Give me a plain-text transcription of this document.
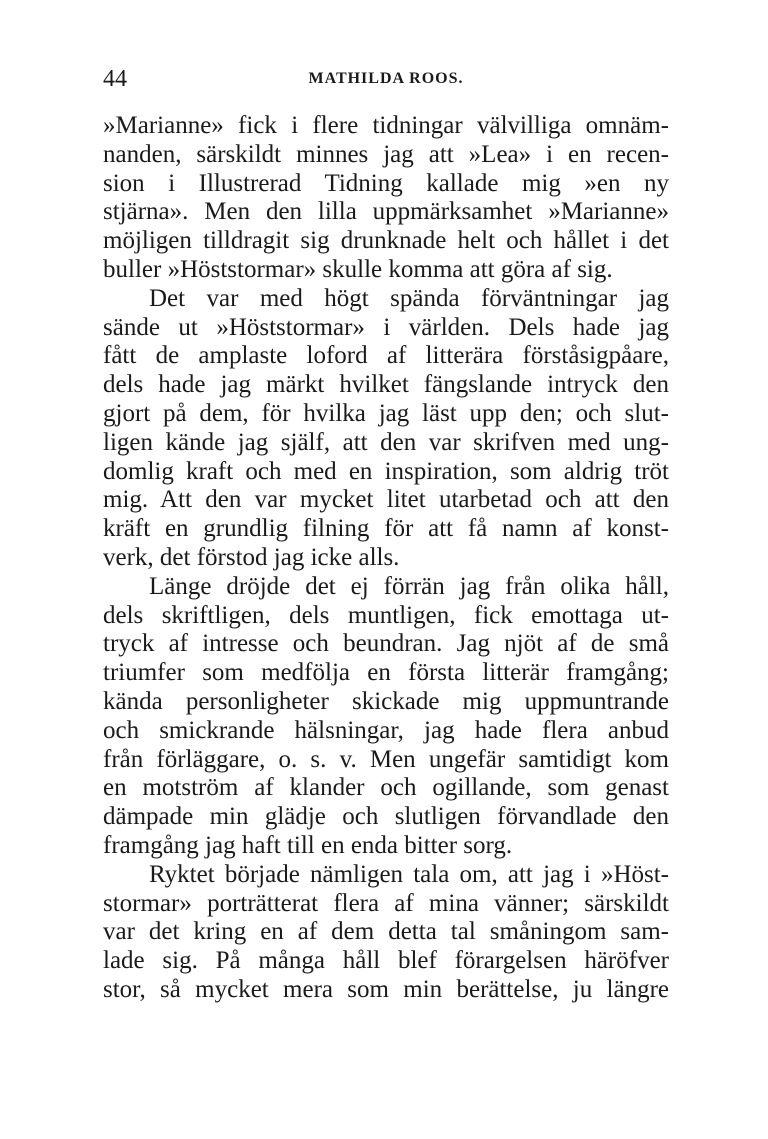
44	MATHILDA ROOS.
»Marianne» fick i flere tidningar välvilliga omnäm-
nanden, särskildt minnes jag att »Lea» i en recen-
sion i Illustrerad Tidning kallade mig »en ny
stjärna». Men den lilla uppmärksamhet »Marianne»
möjligen tilldragit sig drunknade helt och hållet i det
buller »Höststormar» skulle komma att göra af sig.
Det var med högt spända förväntningar jag
sände ut »Höststormar» i världen. Dels hade jag
fått de amplaste loford af litterära förståsigpåare,
dels hade jag märkt hvilket fängslande intryck den
gjort på dem, för hvilka jag läst upp den; och slut-
ligen kände jag själf, att den var skrifven med ung-
domlig kraft och med en inspiration, som aldrig tröt
mig. Att den var mycket litet utarbetad och att den
kräft en grundlig filning för att få namn af konst-
verk, det förstod jag icke alls.
Länge dröjde det ej förrän jag från olika håll,
dels skriftligen, dels muntligen, fick emottaga ut-
tryck af intresse och beundran. Jag njöt af de små
triumfer som medfölja en första litterär framgång;
kända personligheter skickade mig uppmuntrande
och smickrande hälsningar, jag hade flera anbud
från förläggare, o. s. v. Men ungefär samtidigt kom
en motström af klander och ogillande, som genast
dämpade min glädje och slutligen förvandlade den
framgång jag haft till en enda bitter sorg.
Ryktet började nämligen tala om, att jag i »Höst-
stormar» porträtterat flera af mina vänner; särskildt
var det kring en af dem detta tal småningom sam-
lade sig. På många håll blef förargelsen häröfver
stor, så mycket mera som min berättelse, ju längre
